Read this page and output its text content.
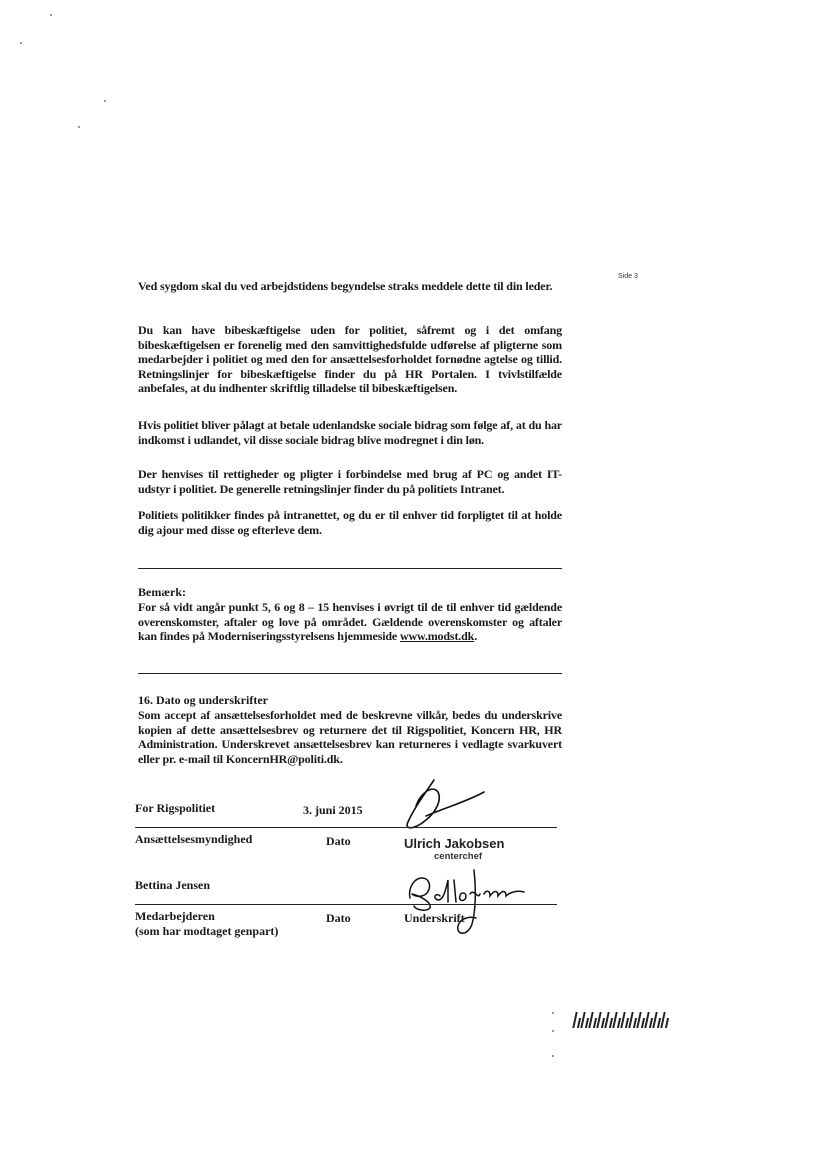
Side 3
Ved sygdom skal du ved arbejdstidens begyndelse straks meddele dette til din leder.
Du kan have bibeskæftigelse uden for politiet, såfremt og i det omfang bibeskæftigelsen er forenelig med den samvittighedsfulde udførelse af pligterne som medarbejder i politiet og med den for ansættelsesforholdet fornødne agtelse og tillid. Retningslinjer for bibeskæftigelse finder du på HR Portalen. I tvivlstilfælde anbefales, at du indhenter skriftlig tilladelse til bibeskæftigelsen.
Hvis politiet bliver pålagt at betale udenlandske sociale bidrag som følge af, at du har indkomst i udlandet, vil disse sociale bidrag blive modregnet i din løn.
Der henvises til rettigheder og pligter i forbindelse med brug af PC og andet IT-udstyr i politiet. De generelle retningslinjer finder du på politiets Intranet.
Politiets politikker findes på intranettet, og du er til enhver tid forpligtet til at holde dig ajour med disse og efterleve dem.
Bemærk:
For så vidt angår punkt 5, 6 og 8 – 15 henvises i øvrigt til de til enhver tid gældende overenskomster, aftaler og love på området. Gældende overenskomster og aftaler kan findes på Moderniseringsstyrelsens hjemmeside www.modst.dk.
16. Dato og underskrifter
Som accept af ansættelsesforholdet med de beskrevne vilkår, bedes du underskrive kopien af dette ansættelsesbrev og returnere det til Rigspolitiet, Koncern HR, HR Administration. Underskrevet ansættelsesbrev kan returneres i vedlagte svarkuvert eller pr. e-mail til KoncernHR@politi.dk.
For Rigspolitiet	3. juni 2015
Ansættelsesmyndighed	Dato	Ulrich Jakobsen
centerchef
Bettina Jensen
Medarbejderen
(som har modtaget genpart)
Dato	Underskrift
